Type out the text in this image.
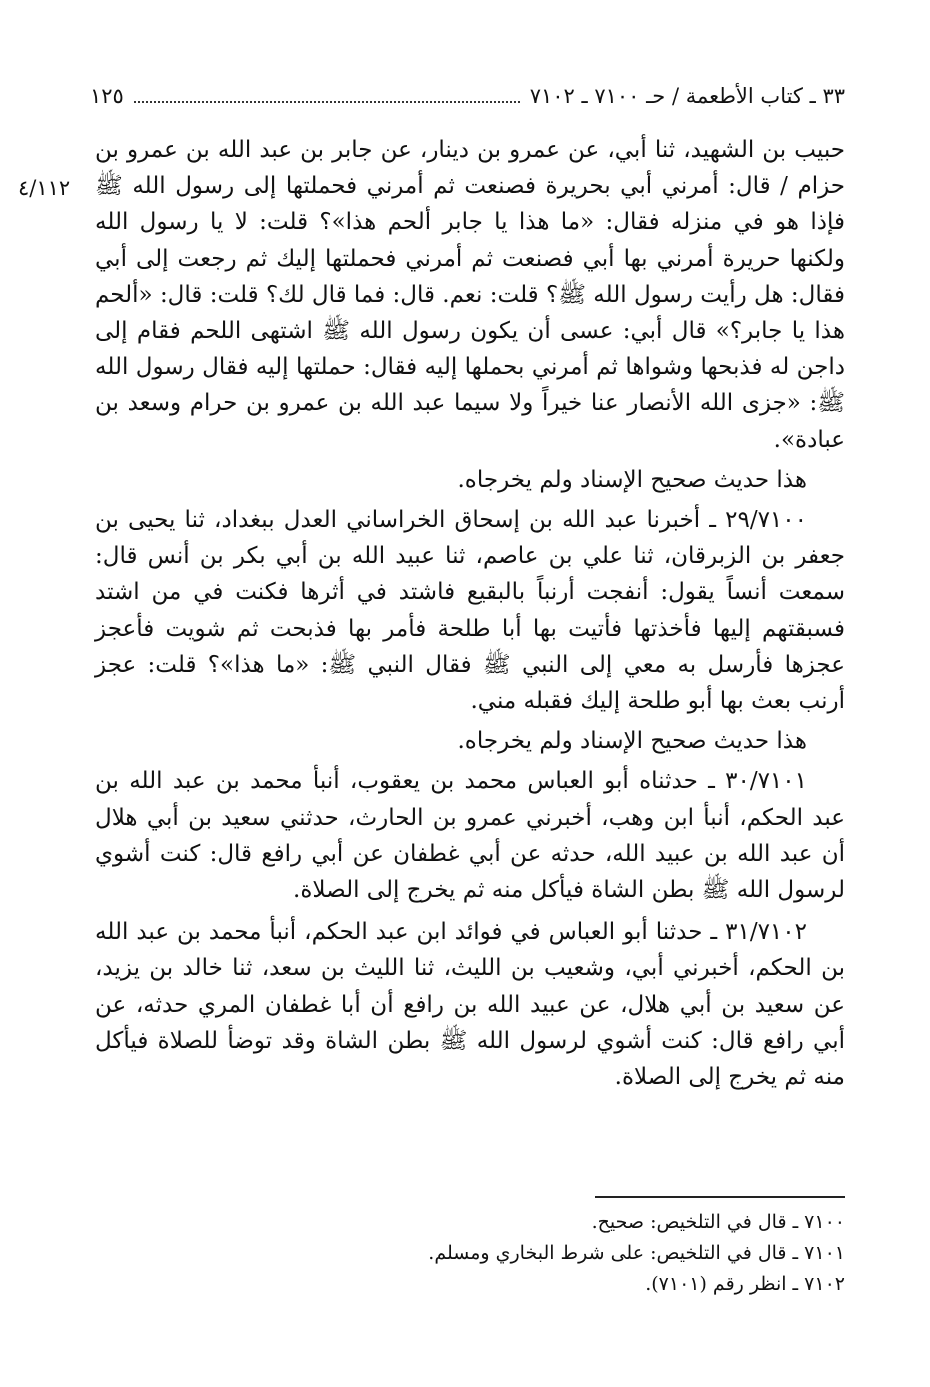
٣٣ ـ كتاب الأطعمة / حـ ٧١٠٠ ـ ٧١٠٢
١٢٥
٤/١١٢

حبيب بن الشهيد، ثنا أبي، عن عمرو بن دينار، عن جابر بن عبد الله بن عمرو بن حزام / قال: أمرني أبي بحريرة فصنعت ثم أمرني فحملتها إلى رسول الله ﷺ فإذا هو في منزله فقال: «ما هذا يا جابر ألحم هذا»؟ قلت: لا يا رسول الله ولكنها حريرة أمرني بها أبي فصنعت ثم أمرني فحملتها إليك ثم رجعت إلى أبي فقال: هل رأيت رسول الله ﷺ؟ قلت: نعم. قال: فما قال لك؟ قلت: قال: «ألحم هذا يا جابر؟» قال أبي: عسى أن يكون رسول الله ﷺ اشتهى اللحم فقام إلى داجن له فذبحها وشواها ثم أمرني بحملها إليه فقال: حملتها إليه فقال رسول الله ﷺ: «جزى الله الأنصار عنا خيراً ولا سيما عبد الله بن عمرو بن حرام وسعد بن عبادة».

هذا حديث صحيح الإسناد ولم يخرجاه.

٢٩/٧١٠٠ ـ أخبرنا عبد الله بن إسحاق الخراساني العدل ببغداد، ثنا يحيى بن جعفر بن الزبرقان، ثنا علي بن عاصم، ثنا عبيد الله بن أبي بكر بن أنس قال: سمعت أنساً يقول: أنفجت أرنباً بالبقيع فاشتد في أثرها فكنت في من اشتد فسبقتهم إليها فأخذتها فأتيت بها أبا طلحة فأمر بها فذبحت ثم شويت فأعجز عجزها فأرسل به معي إلى النبي ﷺ فقال النبي ﷺ: «ما هذا»؟ قلت: عجز أرنب بعث بها أبو طلحة إليك فقبله مني.

هذا حديث صحيح الإسناد ولم يخرجاه.

٣٠/٧١٠١ ـ حدثناه أبو العباس محمد بن يعقوب، أنبأ محمد بن عبد الله بن عبد الحكم، أنبأ ابن وهب، أخبرني عمرو بن الحارث، حدثني سعيد بن أبي هلال أن عبد الله بن عبيد الله، حدثه عن أبي غطفان عن أبي رافع قال: كنت أشوي لرسول الله ﷺ بطن الشاة فيأكل منه ثم يخرج إلى الصلاة.

٣١/٧١٠٢ ـ حدثنا أبو العباس في فوائد ابن عبد الحكم، أنبأ محمد بن عبد الله بن الحكم، أخبرني أبي، وشعيب بن الليث، ثنا الليث بن سعد، ثنا خالد بن يزيد، عن سعيد بن أبي هلال، عن عبيد الله بن رافع أن أبا غطفان المري حدثه، عن أبي رافع قال: كنت أشوي لرسول الله ﷺ بطن الشاة وقد توضأ للصلاة فيأكل منه ثم يخرج إلى الصلاة.

٧١٠٠ ـ قال في التلخيص: صحيح.

٧١٠١ ـ قال في التلخيص: على شرط البخاري ومسلم.

٧١٠٢ ـ انظر رقم (٧١٠١).
